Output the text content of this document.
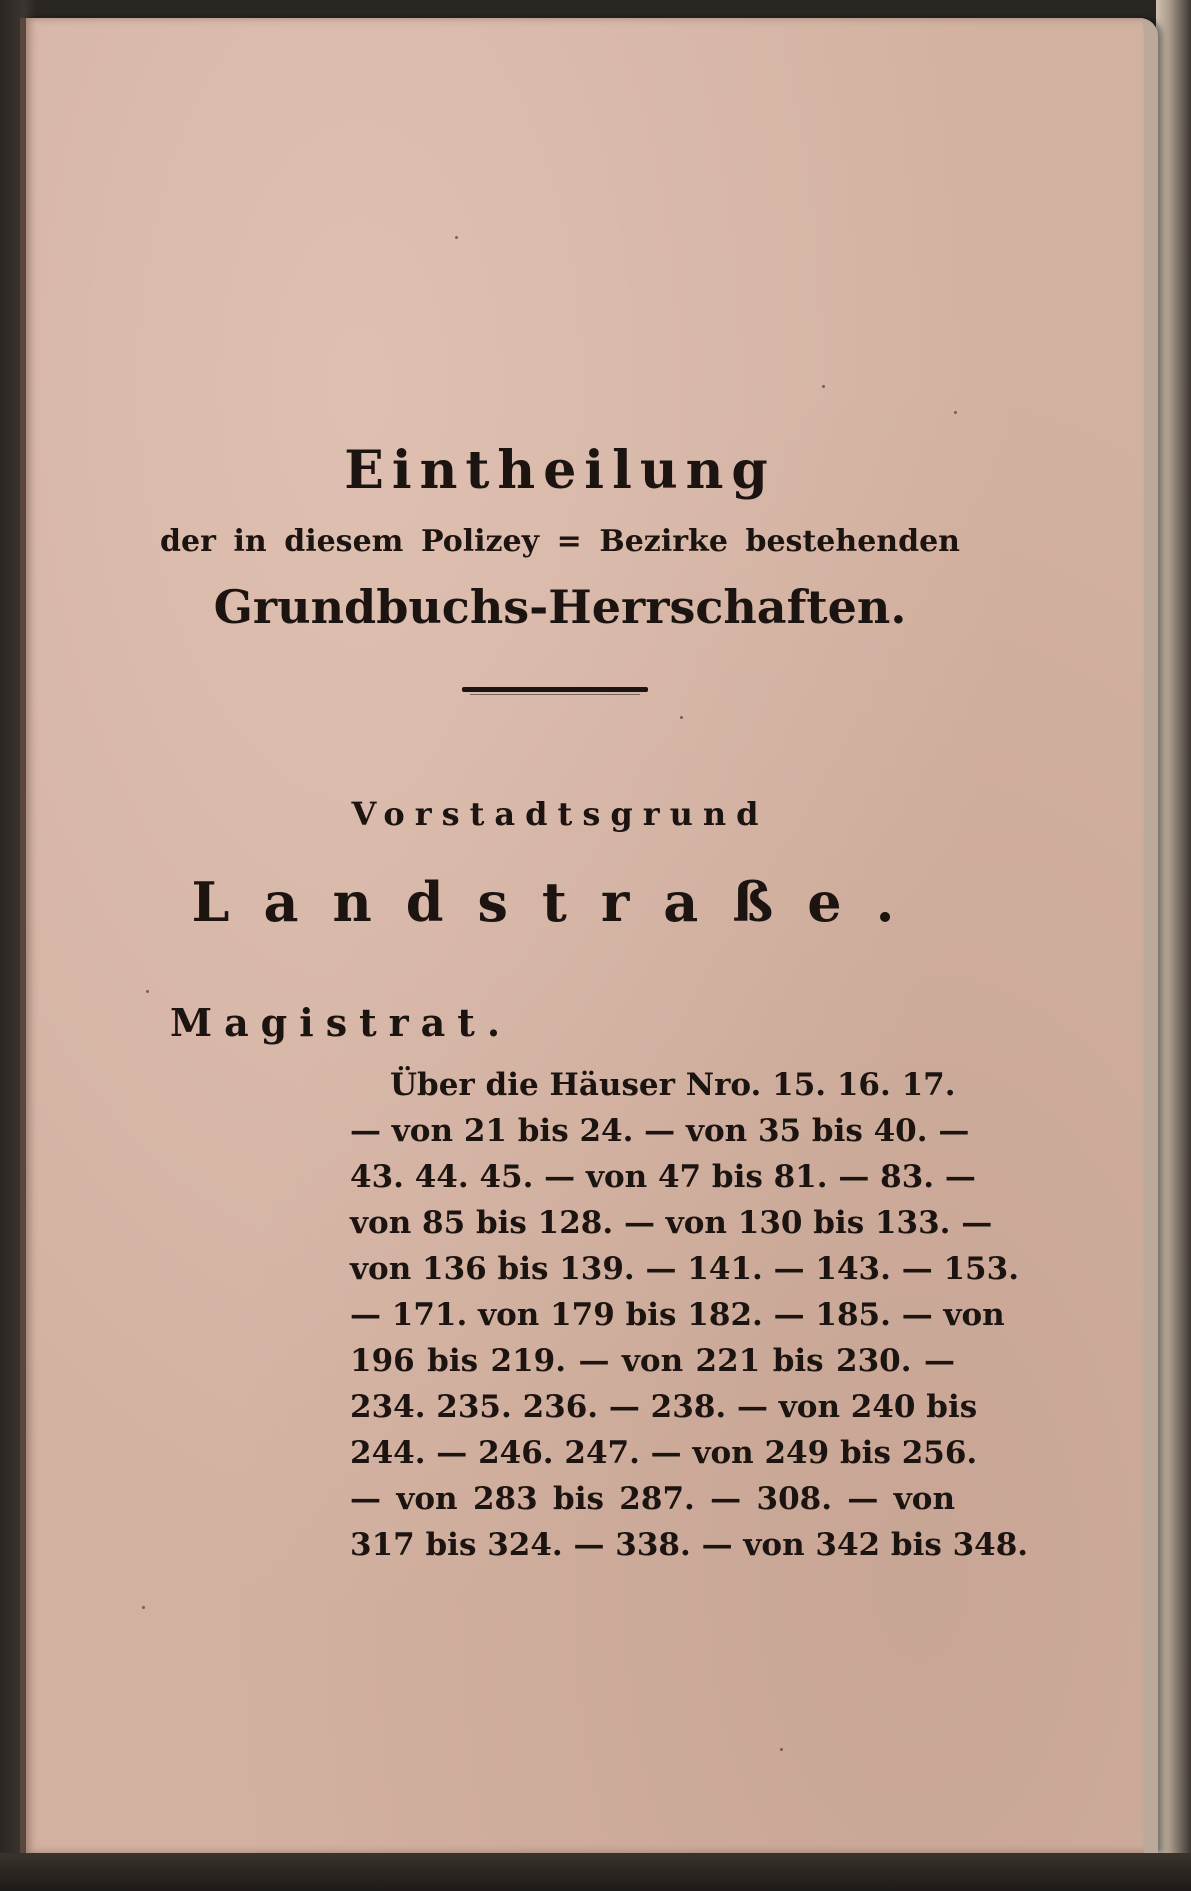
Eintheilung
der in diesem Polizey = Bezirke bestehenden
Grundbuchs-Herrschaften.
Vorstadtsgrund
Landstraße.
Magistrat.
Über die Häuser Nro. 15. 16. 17.
— von 21 bis 24. — von 35 bis 40. —
43. 44. 45. — von 47 bis 81. — 83. —
von 85 bis 128. — von 130 bis 133. —
von 136 bis 139. — 141. — 143. — 153.
— 171. von 179 bis 182. — 185. — von
196 bis 219. — von 221 bis 230. —
234. 235. 236. — 238. — von 240 bis
244. — 246. 247. — von 249 bis 256.
— von 283 bis 287. — 308. — von
317 bis 324. — 338. — von 342 bis 348.
